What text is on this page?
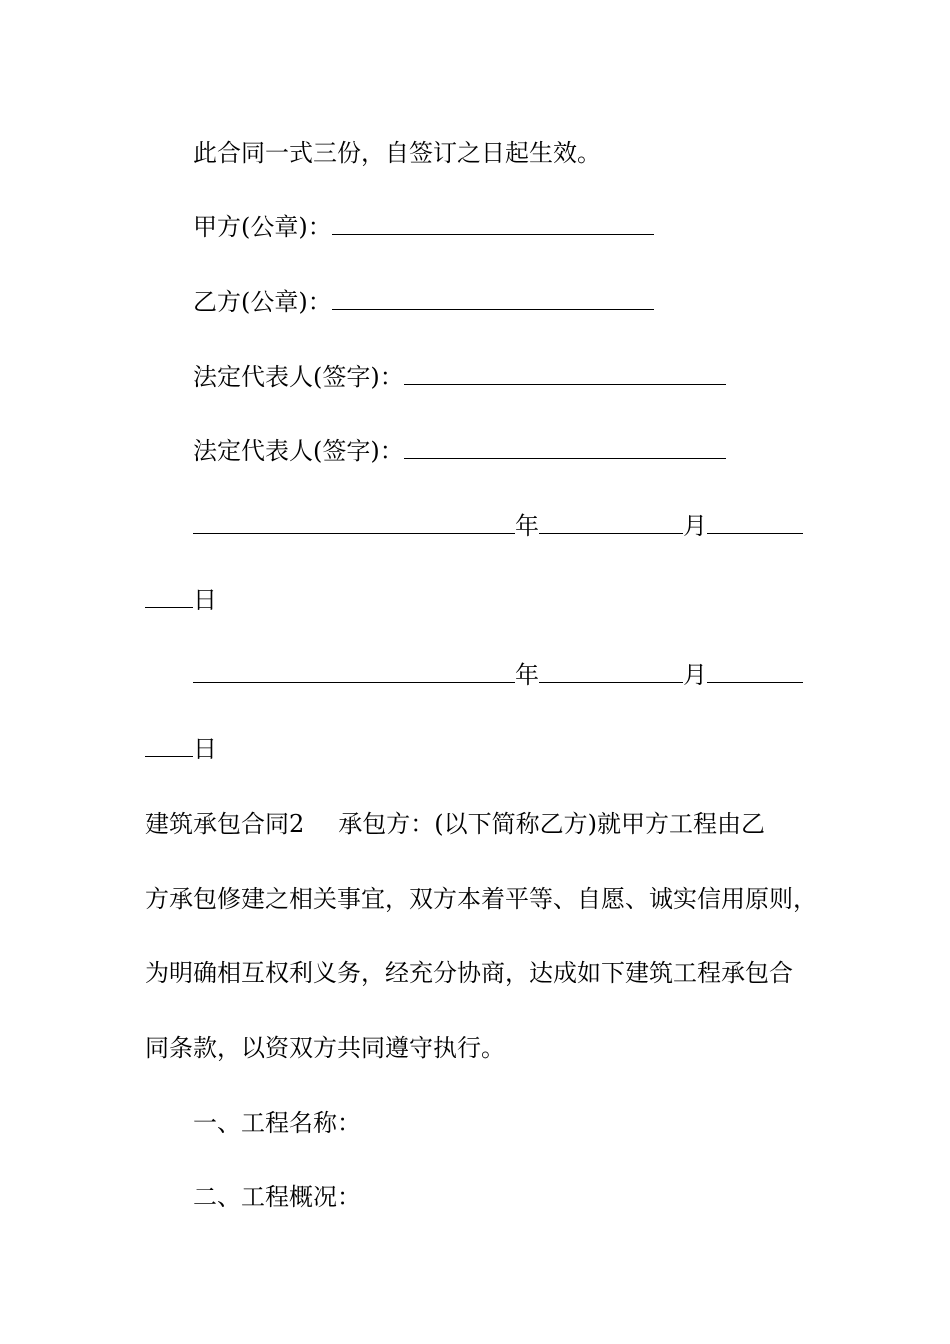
此合同一式三份，自签订之日起生效。
甲方(公章)：
乙方(公章)：
法定代表人(签字)：
法定代表人(签字)：
年	月
日
年	月
日
建筑承包合同2 承包方：(以下简称乙方)就甲方工程由乙
方承包修建之相关事宜，双方本着平等、自愿、诚实信用原则，
为明确相互权利义务，经充分协商，达成如下建筑工程承包合
同条款，以资双方共同遵守执行。
一、工程名称：
二、工程概况：
